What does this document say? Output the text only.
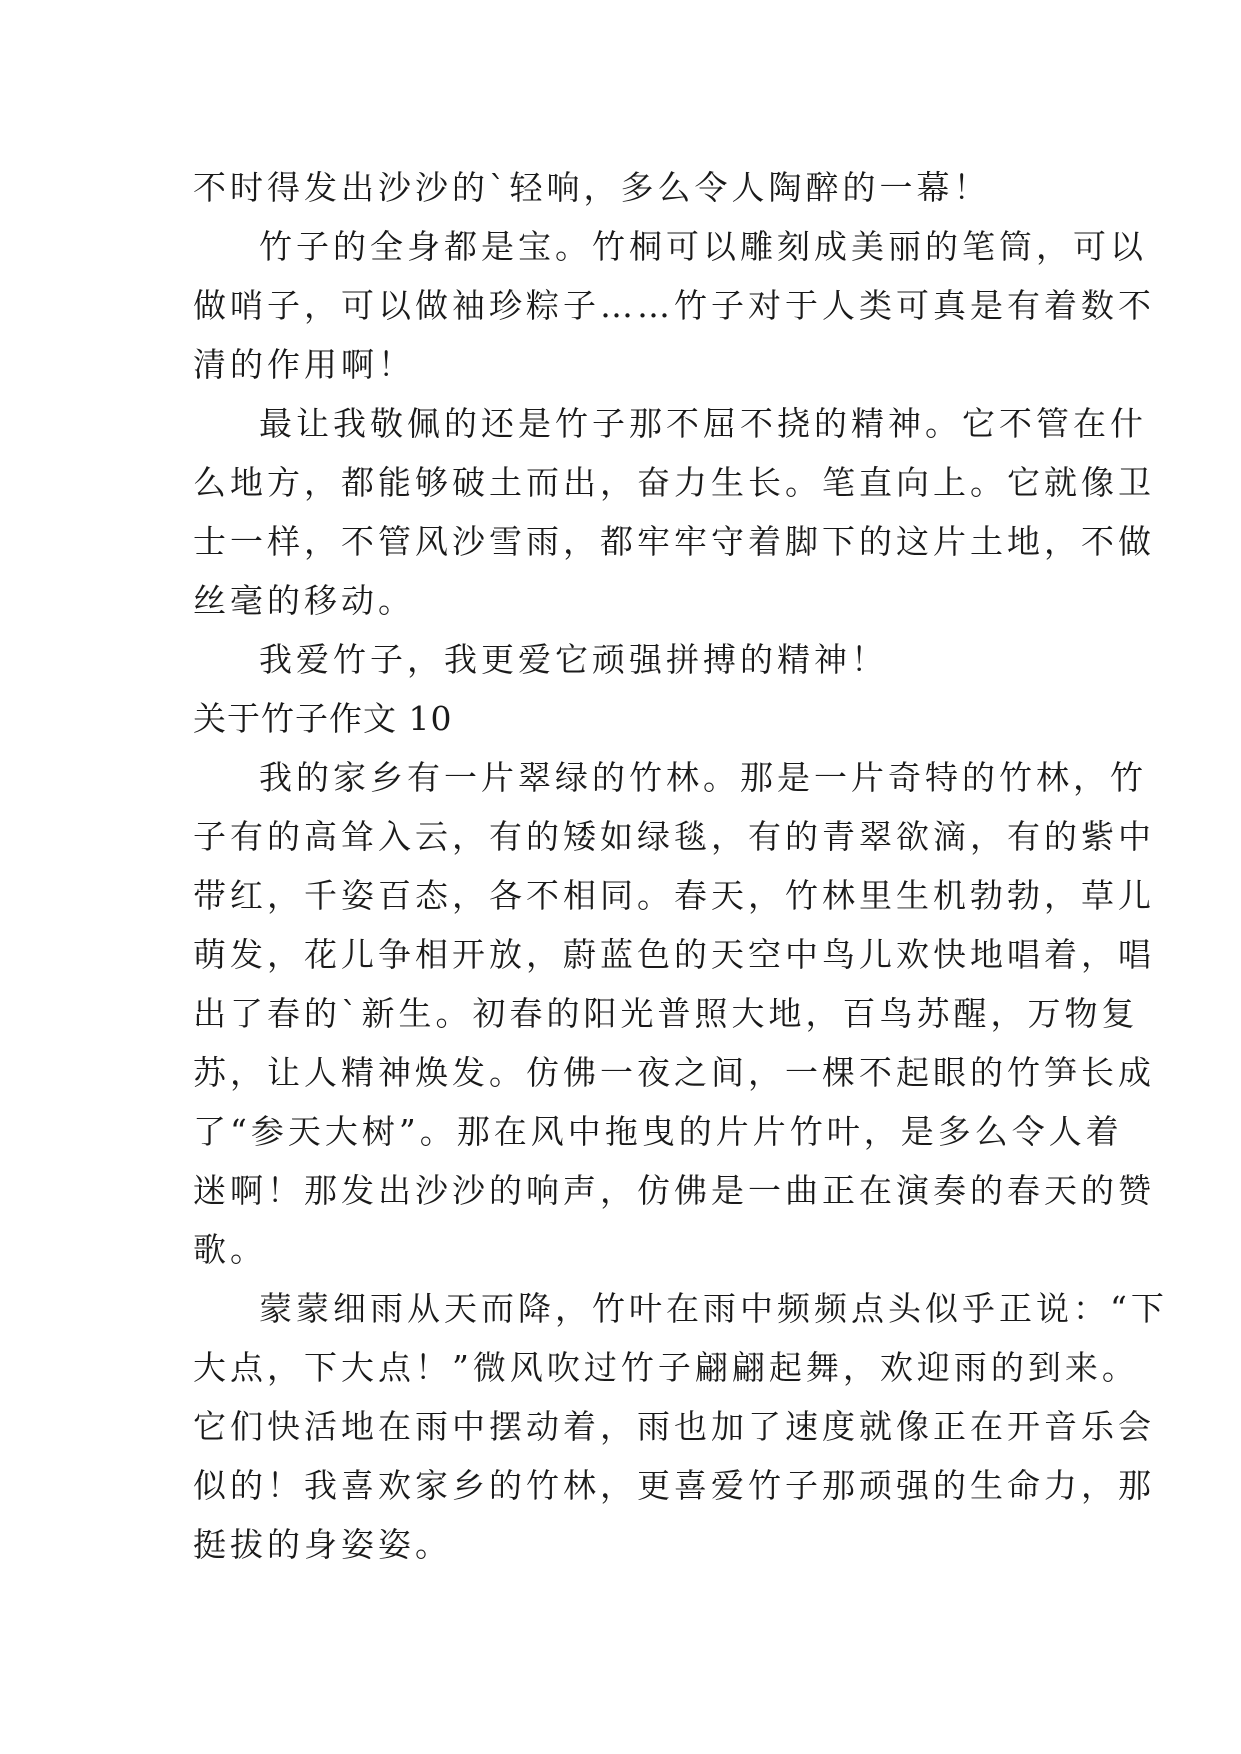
不时得发出沙沙的`轻响，多么令人陶醉的一幕！
竹子的全身都是宝。竹桐可以雕刻成美丽的笔筒，可以
做哨子，可以做袖珍粽子……竹子对于人类可真是有着数不
清的作用啊！
最让我敬佩的还是竹子那不屈不挠的精神。它不管在什
么地方，都能够破土而出，奋力生长。笔直向上。它就像卫
士一样，不管风沙雪雨，都牢牢守着脚下的这片土地，不做
丝毫的移动。
我爱竹子，我更爱它顽强拼搏的精神！
关于竹子作文 10
我的家乡有一片翠绿的竹林。那是一片奇特的竹林，竹
子有的高耸入云，有的矮如绿毯，有的青翠欲滴，有的紫中
带红，千姿百态，各不相同。春天，竹林里生机勃勃，草儿
萌发，花儿争相开放，蔚蓝色的天空中鸟儿欢快地唱着，唱
出了春的`新生。初春的阳光普照大地，百鸟苏醒，万物复
苏，让人精神焕发。仿佛一夜之间，一棵不起眼的竹笋长成
了“参天大树”。那在风中拖曳的片片竹叶，是多么令人着
迷啊！那发出沙沙的响声，仿佛是一曲正在演奏的春天的赞
歌。
蒙蒙细雨从天而降，竹叶在雨中频频点头似乎正说：“下
大点，下大点！”微风吹过竹子翩翩起舞，欢迎雨的到来。
它们快活地在雨中摆动着，雨也加了速度就像正在开音乐会
似的！我喜欢家乡的竹林，更喜爱竹子那顽强的生命力，那
挺拔的身姿姿。
